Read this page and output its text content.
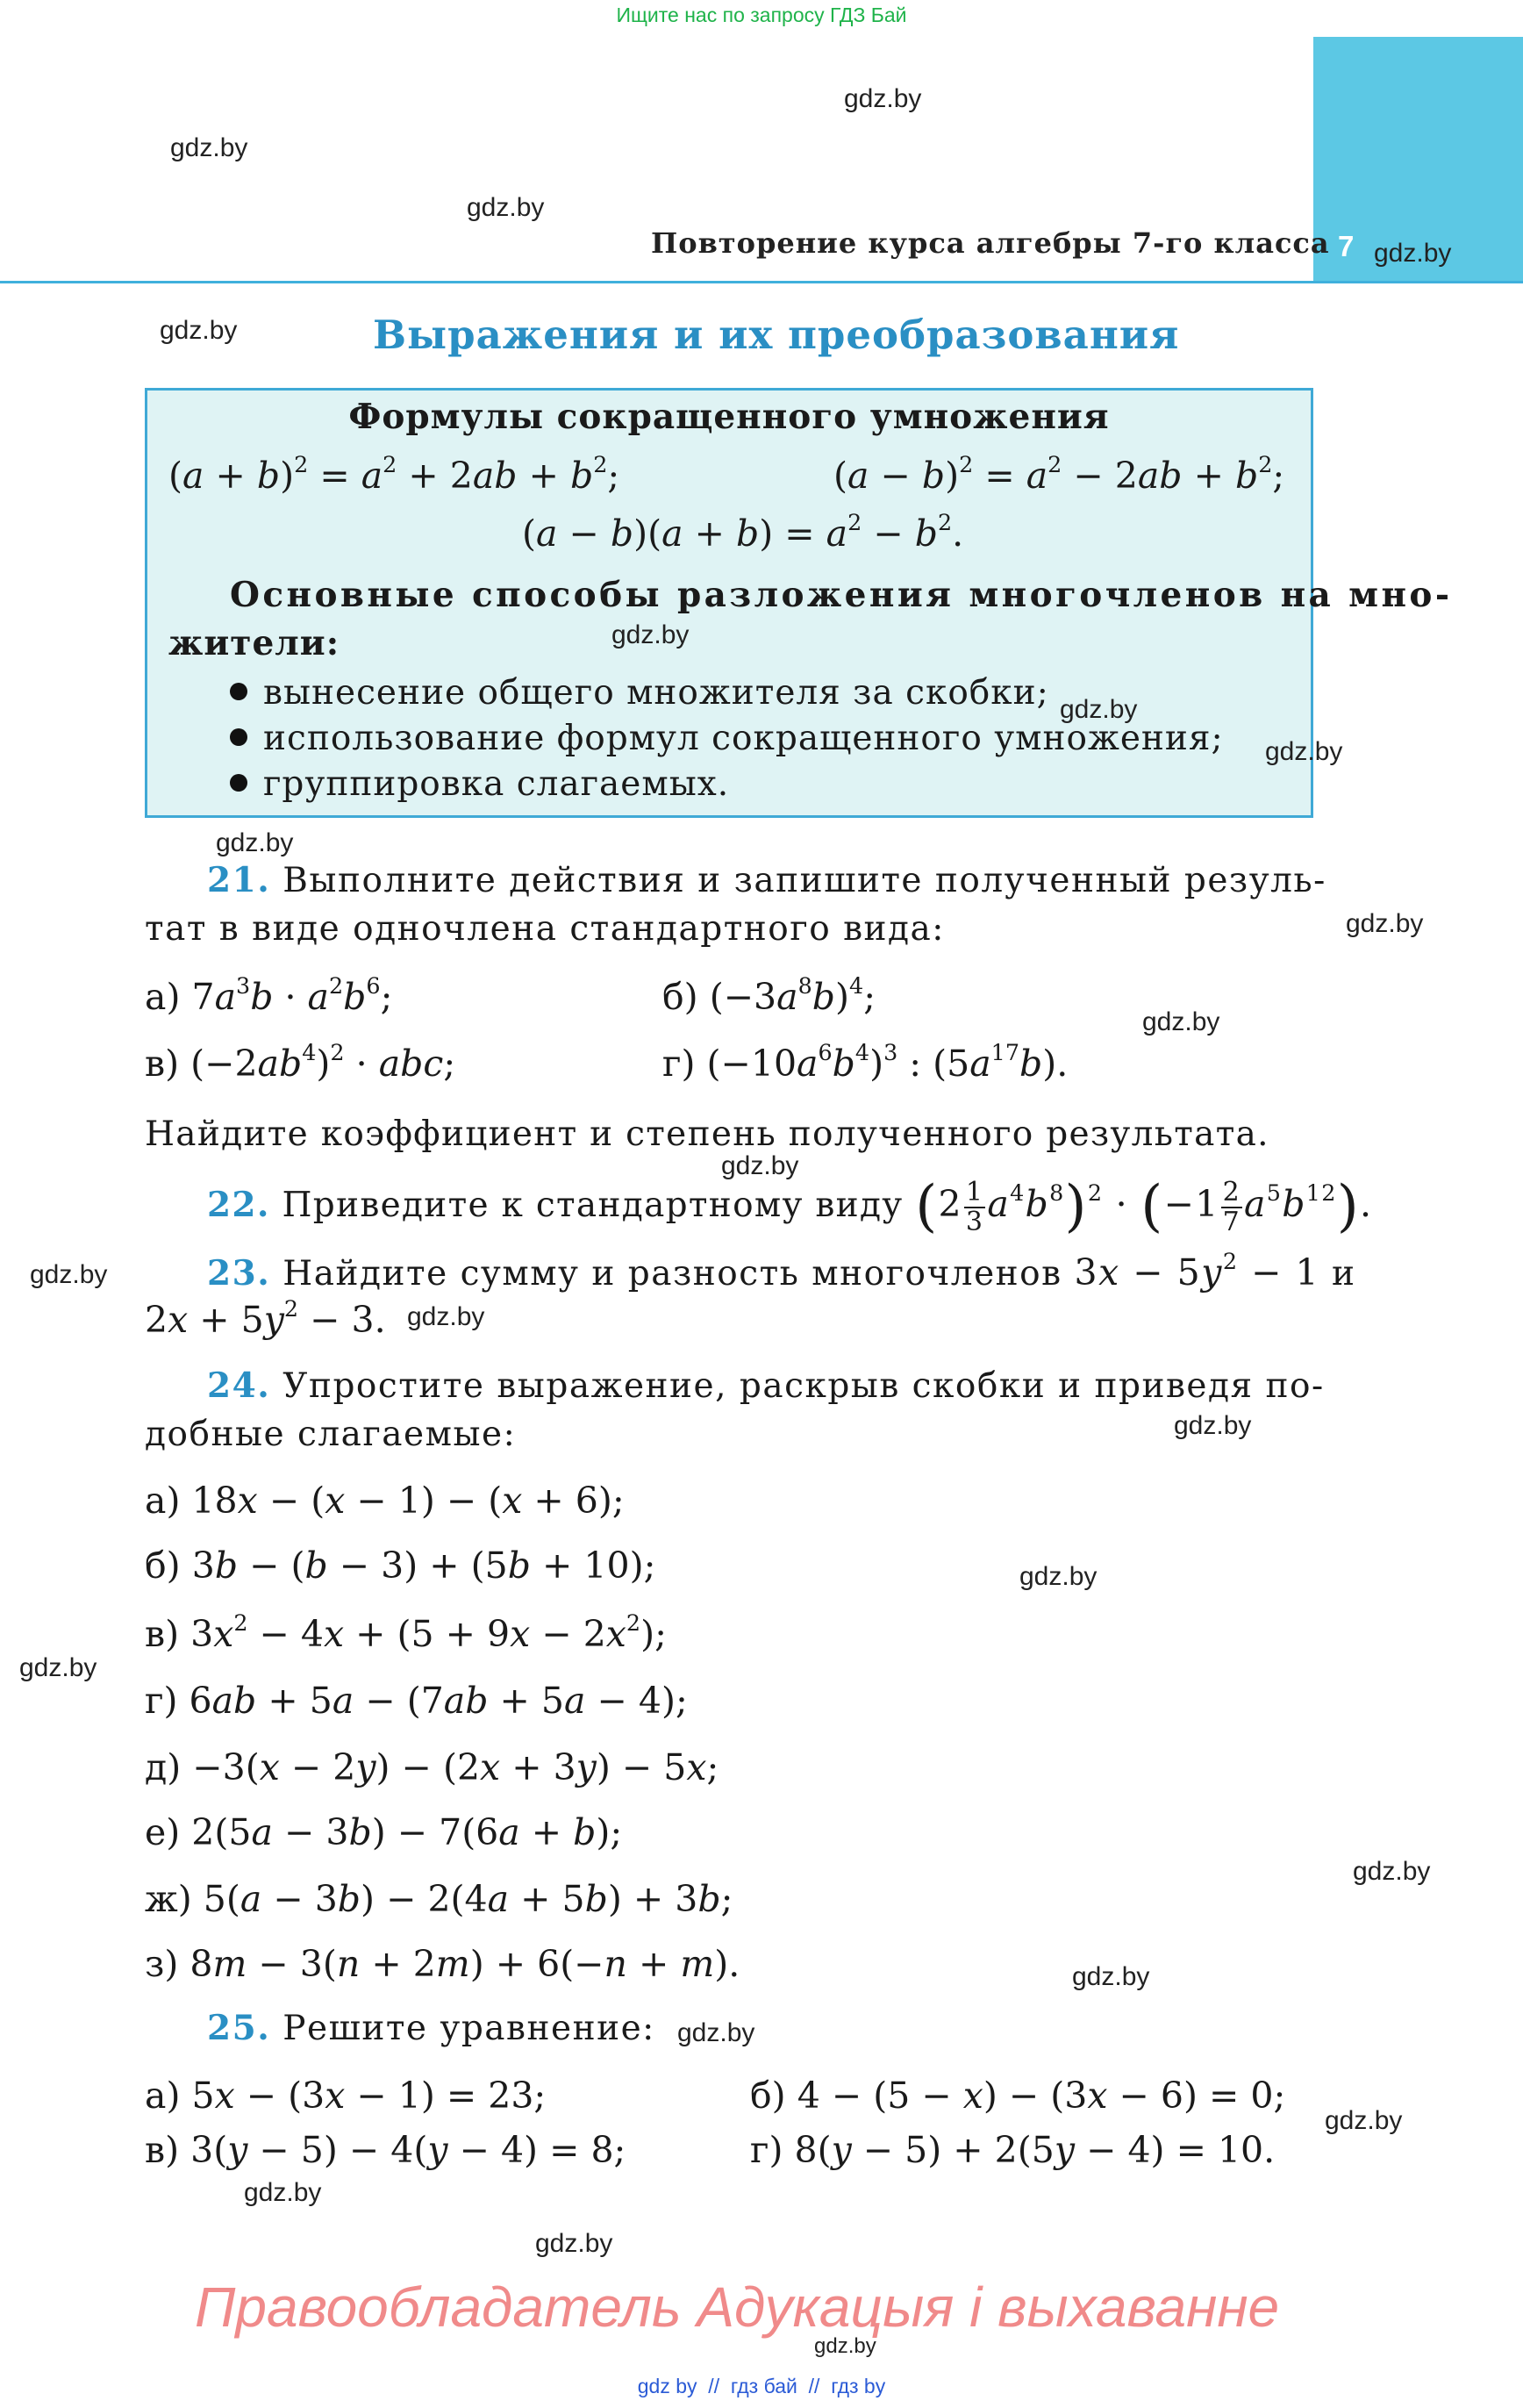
Ищите нас по запросу ГДЗ Бай
7
Повторение курса алгебры 7-го класса
Выражения и их преобразования
Формулы сокращенного умножения
$(a + b)^2 = a^2 + 2ab + b^2$;	$(a - b)^2 = a^2 - 2ab + b^2$;
$(a - b)(a + b) = a^2 - b^2$.
Основные способы разложения многочленов на мно-
жители:
вынесение общего множителя за скобки;
использование формул сокращенного умножения;
группировка слагаемых.
21. Выполните действия и запишите полученный резуль-
тат в виде одночлена стандартного вида:
а) $7a^3b \cdot a^2b^6$;	б) $(-3a^8b)^4$;
в) $(-2ab^4)^2$ · abc;	г) $(-10a^6b^4)^3$ : $(5a^{17}b)$.
Найдите коэффициент и степень полученного результата.
22. Приведите к стандартному виду $(2 \frac{1}{3} a^4b^8)^2 \cdot (-1 \frac{2}{7} a^5b^{12})$.
23. Найдите сумму и разность многочленов $3x - 5y^2 - 1$ и
$2x + 5y^2 - 3$.
24. Упростите выражение, раскрыв скобки и приведя по-
добные слагаемые:
а) 18x − (x − 1) − (x + 6);
б) 3b − (b − 3) + (5b + 10);
в) $3x^2 - 4x + (5 + 9x - 2x^2)$;
г) 6ab + 5a − (7ab + 5a − 4);
д) −3(x − 2y) − (2x + 3y) − 5x;
е) 2(5a − 3b) − 7(6a + b);
ж) 5(a − 3b) − 2(4a + 5b) + 3b;
з) 8m − 3(n + 2m) + 6(−n + m).
25. Решите уравнение:
а) 5x − (3x − 1) = 23;	б) 4 − (5 − x) − (3x − 6) = 0;
в) 3(y − 5) − 4(y − 4) = 8;	г) 8(y − 5) + 2(5y − 4) = 10.
Правообладатель Адукацыя і выхаванне
gdz by  //  гдз бай  //  гдз by
gdz.by
gdz.by
gdz.by
gdz.by
gdz.by
gdz.by
gdz.by
gdz.by
gdz.by
gdz.by
gdz.by
gdz.by
gdz.by
gdz.by
gdz.by
gdz.by
gdz.by
gdz.by
gdz.by
gdz.by
gdz.by
gdz.by
gdz.by
gdz.by
